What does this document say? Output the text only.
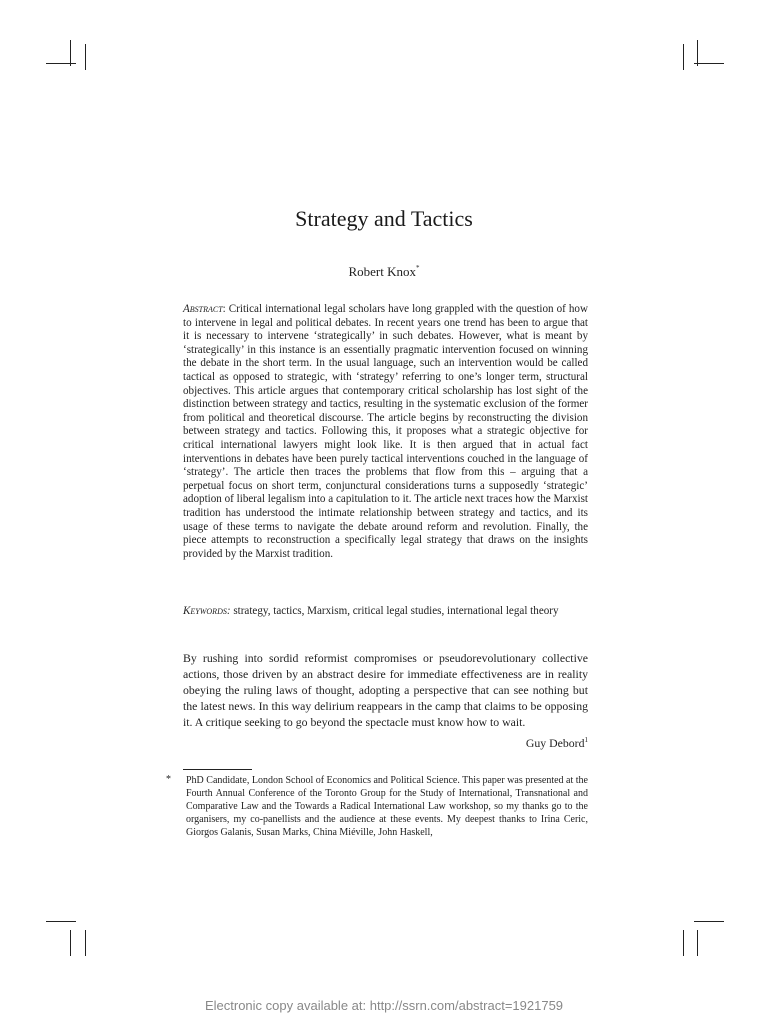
Strategy and Tactics
Robert Knox*
Abstract: Critical international legal scholars have long grappled with the question of how to intervene in legal and political debates. In recent years one trend has been to argue that it is necessary to intervene ‘strategically’ in such debates. However, what is meant by ‘strategically’ in this instance is an essentially pragmatic intervention focused on winning the debate in the short term. In the usual language, such an intervention would be called tactical as opposed to strategic, with ‘strategy’ referring to one’s longer term, structural objectives. This article argues that contemporary critical scholarship has lost sight of the distinction between strategy and tactics, resulting in the systematic exclusion of the former from political and theoretical discourse. The article begins by reconstructing the division between strategy and tactics. Following this, it proposes what a strategic objective for critical international lawyers might look like. It is then argued that in actual fact interventions in debates have been purely tactical interventions couched in the language of ‘strategy’. The article then traces the problems that flow from this – arguing that a perpetual focus on short term, conjunctural considerations turns a supposedly ‘strategic’ adoption of liberal legalism into a capitulation to it. The article next traces how the Marxist tradition has understood the intimate relationship between strategy and tactics, and its usage of these terms to navigate the debate around reform and revolution. Finally, the piece attempts to reconstruction a specifically legal strategy that draws on the insights provided by the Marxist tradition.
Keywords: strategy, tactics, Marxism, critical legal studies, international legal theory
By rushing into sordid reformist compromises or pseudorevolutionary collective actions, those driven by an abstract desire for immediate effectiveness are in reality obeying the ruling laws of thought, adopting a perspective that can see nothing but the latest news. In this way delirium reappears in the camp that claims to be opposing it. A critique seeking to go beyond the spectacle must know how to wait.
Guy Debord$^1$
* PhD Candidate, London School of Economics and Political Science. This paper was presented at the Fourth Annual Conference of the Toronto Group for the Study of International, Transnational and Comparative Law and the Towards a Radical International Law workshop, so my thanks go to the organisers, my co-panellists and the audience at these events. My deepest thanks to Irina Ceric, Giorgos Galanis, Susan Marks, China Miéville, John Haskell,
Electronic copy available at: http://ssrn.com/abstract=1921759
